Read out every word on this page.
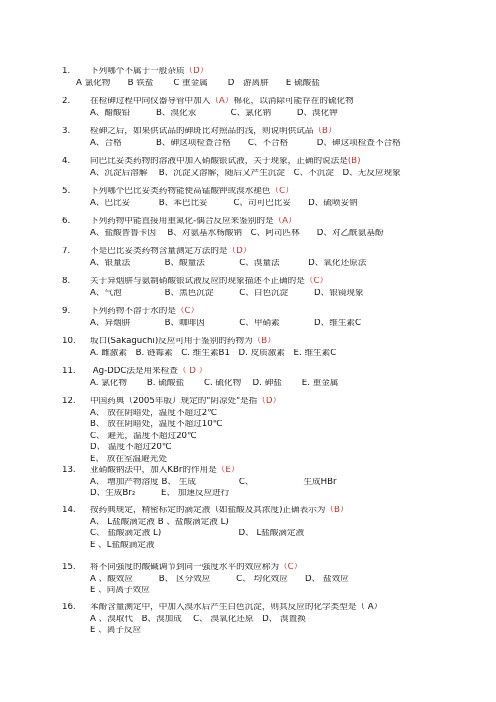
1. 下列哪个不属于一般杂质（D）
A 氯化物　　B 铁盐　　 C 重金属　　 D　游离肼　　E 硫酸盐
2. 在检砷过程中向仪器导管中加入（A）棉花，以消除可能存在的硫化物
A、醋酸铅　　　B、溴化汞　　　　C、氯化钠　　　D、溴化钾
3. 检砷之后，如果供试品的砷斑比对照品的浅，则说明供试品（B）
A、合格　　　　B、砷这项检查合格　　C、不合格　　　 D、砷这项检查不合格
4. 向巴比妥类药物的溶液中加入硝酸银试液，关于现象，正确的说法是(B)
A、沉淀后溶解　 B、沉淀又溶解，随后又产生沉淀　C、不沉淀　D、无反应现象
5. 下列哪个巴比妥类药物能使高锰酸钾或溴水褪色（C）
A、巴比妥　　　 B、苯巴比妥　　　C、司可巴比妥　　D、硫喷妥钠
6. 下列药物中能直接用重氮化-偶合反应来鉴别的是（A）
A、盐酸普鲁卡因　 B、对氨基水杨酸钠　C、阿司匹林　　D、对乙酰氨基酚
7. 不是巴比妥类药物含量测定方法的是（D）
A、银量法　　　　B、酸量法　　　　C、溴量法　　　 D、氧化还原法
8. 关于异烟肼与氨制硝酸银试液反应的现象描述不正确的是（C）
A、气泡　　　　　B、黑色沉淀　　　C、白色沉淀　　　D、银镜现象
9. 下列药物不溶于水的是（C）
A、异烟肼　　　　B、咖啡因　　　　C、甲硝素　　　　D、维生素C
10. 坂口(Sakaguchi)反应可用于鉴别的药物为（B）
A. 雌激素　B. 链霉素　C. 维生素B1　D. 皮质激素　E. 维生素C
11. Ag-DDC法是用来检查（ D ）
A. 氯化物　　 B. 硫酸盐　　 C. 硫化物　 D. 砷盐　　 E. 重金属
12. 中国药典（2005年版）规定的"阴凉处"是指（D）
A、 放在阴暗处，温度不超过2℃
B、 放在阴暗处，温度不超过10℃
C、 避光，温度不超过20℃
D、 温度不超过20℃
E、 放在室温避光处
13. 亚硝酸钠法中，加入KBr的作用是（E）
A、 增加产物溶度 B、 生成　　　　　C、　　　　　　 生成HBr
D、生成Br₂　　　E、 加速反应进行
14. 按药典规定，精密标定的滴定液（如盐酸及其浓度)正确表示为（B）
A、 L盐酸滴定液 B 、盐酸滴定液 L)
C、 盐酸滴定液 L)　　　　　　　　　D、 L盐酸滴定液
E 、L盐酸滴定液
15. 将不同强度的酸碱调节到同一强度水平的效应称为（C）
A 、酸效应　　　B、 区分效应　　　C、 均化效应　　D、 盐效应
E 、同离子效应
16. 苯酚含量测定中，中加入溴水后产生白色沉淀，则其反应的化学类型是（ A）
A 、溴取代　B、溴加成　 C、 溴氧化还原　D、 溴置换
E 、离子反应
